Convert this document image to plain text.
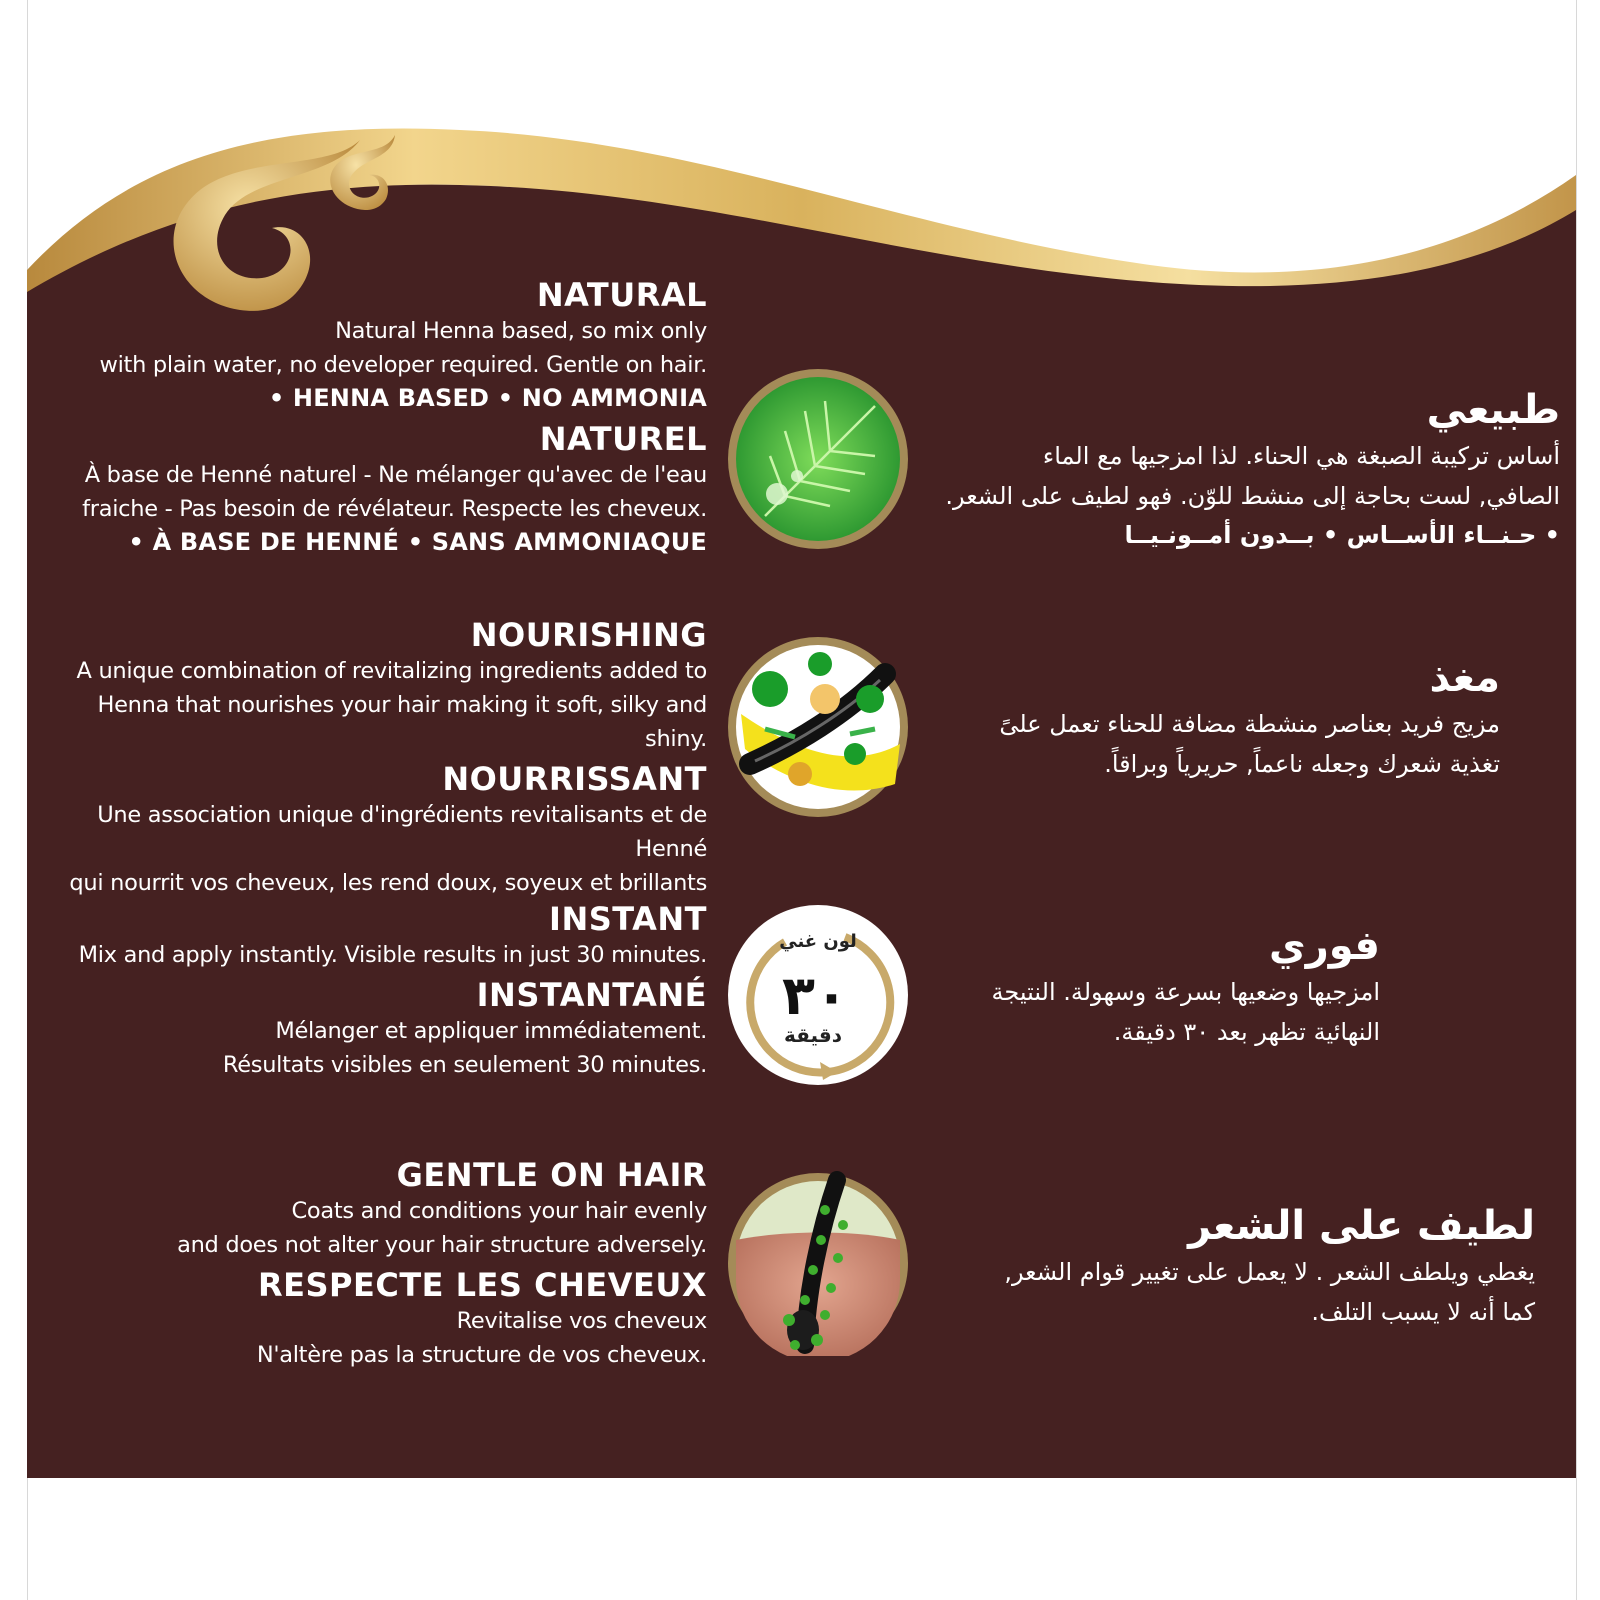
NATURAL
Natural Henna based, so mix only
with plain water, no developer required. Gentle on hair.
• HENNA BASED • NO AMMONIA
NATUREL
À base de Henné naturel - Ne mélanger qu'avec de l'eau
fraiche - Pas besoin de révélateur. Respecte les cheveux.
• À BASE DE HENNÉ • SANS AMMONIAQUE
طبيعي
أساس تركيبة الصبغة هي الحناء. لذا امزجيها مع الماء
الصافي, لست بحاجة إلى منشط للوّن. فهو لطيف على الشعر.
• حـنــاء الأســاس • بــدون أمــونـيــا
NOURISHING
A unique combination of revitalizing ingredients added to
Henna that nourishes your hair making it soft, silky and shiny.
NOURRISSANT
Une association unique d'ingrédients revitalisants et de Henné
qui nourrit vos cheveux, les rend doux, soyeux et brillants
مغذ
مزيج فريد بعناصر منشطة مضافة للحناء تعمل علىً
تغذية شعرك وجعله ناعماً, حريرياً وبراقاً.
INSTANT
Mix and apply instantly. Visible results in just 30 minutes.
INSTANTANÉ
Mélanger et appliquer immédiatement.
Résultats visibles en seulement 30 minutes.
لون غني
٣٠
دقيقة
فوري
امزجيها وضعيها بسرعة وسهولة. النتيجة
النهائية تظهر بعد ٣٠ دقيقة.
GENTLE ON HAIR
Coats and conditions your hair evenly
and does not alter your hair structure adversely.
RESPECTE LES CHEVEUX
Revitalise vos cheveux
N'altère pas la structure de vos cheveux.
لطيف على الشعر
يغطي ويلطف الشعر . لا يعمل على تغيير قوام الشعر,
كما أنه لا يسبب التلف.
